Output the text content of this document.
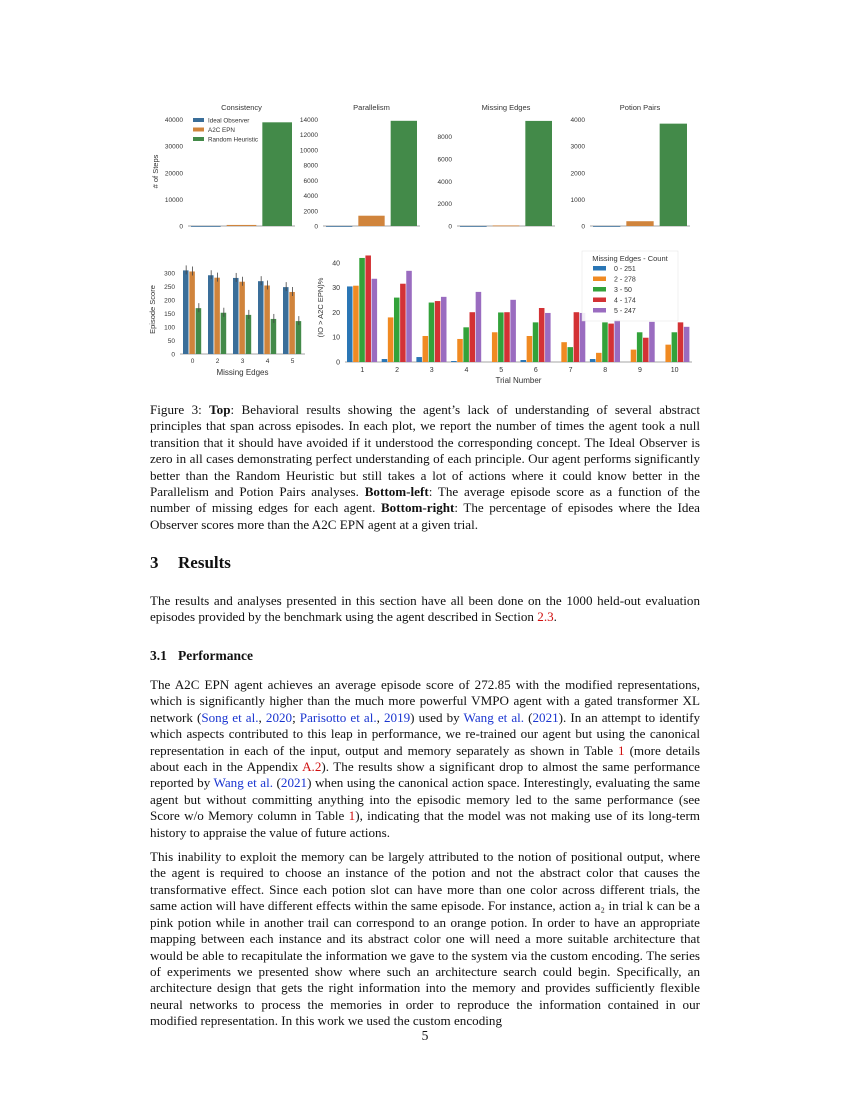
0
10000
20000
30000
40000
Consistency
# of Steps
0
2000
4000
6000
8000
10000
12000
14000
Parallelism
0
2000
4000
6000
8000
Missing Edges
0
1000
2000
3000
4000
Potion Pairs
Ideal Observer
A2C EPN
Random Heuristic
0
50
100
150
200
250
300
Episode Score
Missing Edges
0	2	3	4	5	0
10
20
30
40
(IO > A2C EPN)%
Trial Number
1	2	3	4	5	6	7	8	9	10
Missing Edges - Count
0 - 251
2 - 278
3 - 50
4 - 174
5 - 247
Figure 3: Top: Behavioral results showing the agent’s lack of understanding of several abstract principles that span across episodes. In each plot, we report the number of times the agent took a null transition that it should have avoided if it understood the corresponding concept. The Ideal Observer is zero in all cases demonstrating perfect understanding of each principle. Our agent performs significantly better than the Random Heuristic but still takes a lot of actions where it could know better in the Parallelism and Potion Pairs analyses. Bottom-left: The average episode score as a function of the number of missing edges for each agent. Bottom-right: The percentage of episodes where the Idea Observer scores more than the A2C EPN agent at a given trial.
3 Results
The results and analyses presented in this section have all been done on the 1000 held-out evaluation episodes provided by the benchmark using the agent described in Section 2.3.
3.1 Performance

The A2C EPN agent achieves an average episode score of 272.85 with the modified representations, which is significantly higher than the much more powerful VMPO agent with a gated transformer XL network (Song et al., 2020; Parisotto et al., 2019) used by Wang et al. (2021). In an attempt to identify which aspects contributed to this leap in performance, we re-trained our agent but using the canonical representation in each of the input, output and memory separately as shown in Table 1 (more details about each in the Appendix A.2). The results show a significant drop to almost the same performance reported by Wang et al. (2021) when using the canonical action space. Interestingly, evaluating the same agent but without committing anything into the episodic memory led to the same performance (see Score w/o Memory column in Table 1), indicating that the model was not making use of its long-term history to appraise the value of future actions.

This inability to exploit the memory can be largely attributed to the notion of positional output, where the agent is required to choose an instance of the potion and not the abstract color that causes the transformative effect. Since each potion slot can have more than one color across different trials, the same action will have different effects within the same episode. For instance, action a₂ in trial k can be a pink potion while in another trail can correspond to an orange potion. In order to have an appropriate mapping between each instance and its abstract color one will need a more suitable architecture that would be able to recapitulate the information we gave to the system via the custom encoding. The series of experiments we presented show where such an architecture search could begin. Specifically, an architecture design that gets the right information into the memory and provides sufficiently flexible neural networks to process the memories in order to reproduce the information contained in our modified representation. In this work we used the custom encoding

5
